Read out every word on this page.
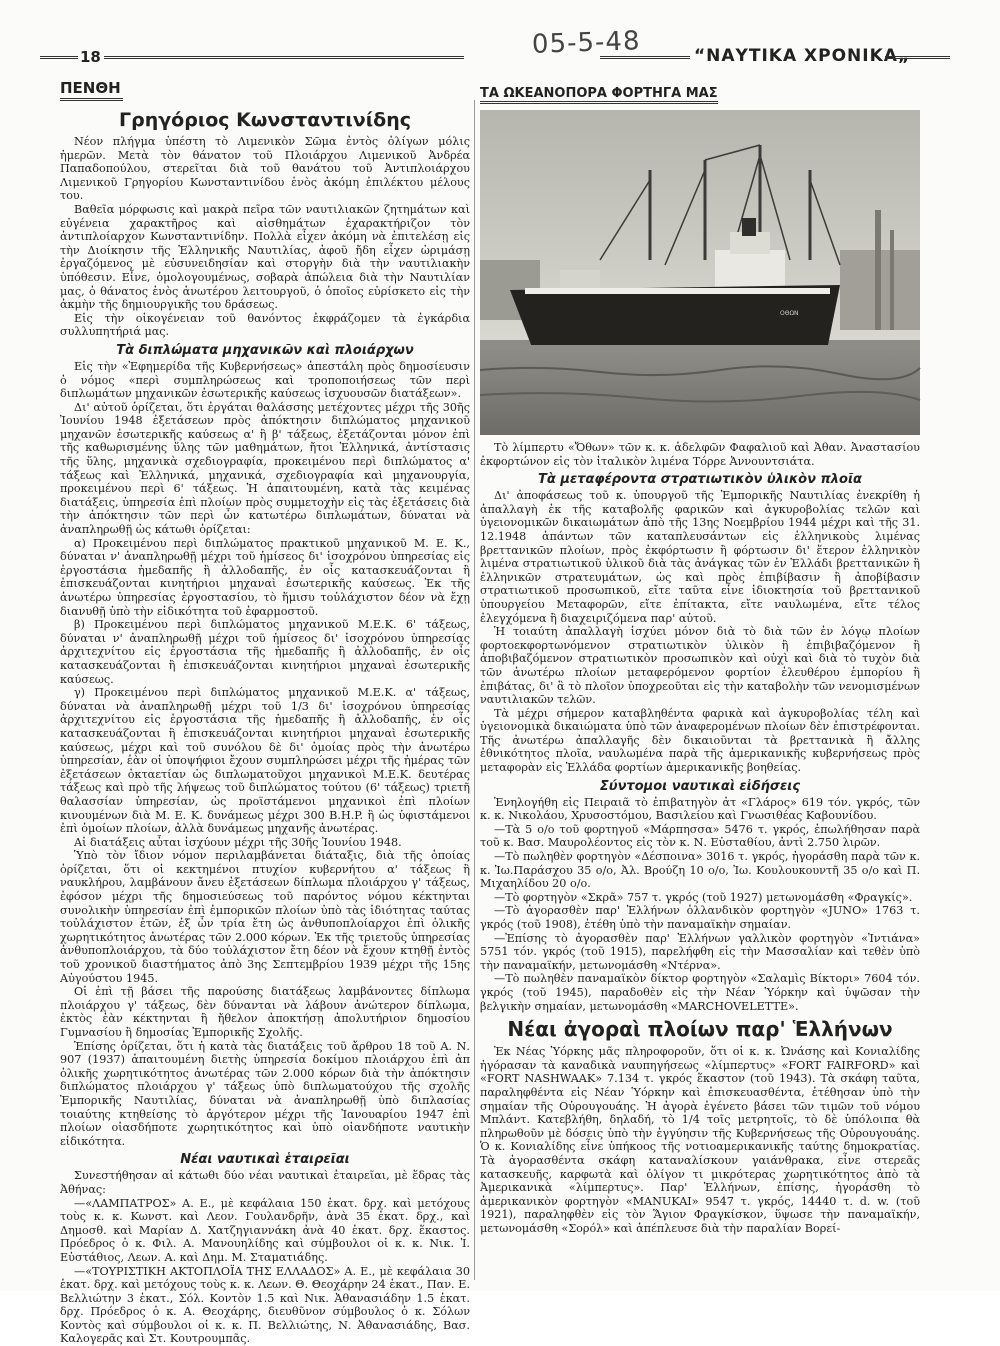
18	05-5-48	“ΝΑΥΤΙΚΑ ΧΡΟΝΙΚΑ„
ΠΕΝΘΗ
Γρηγόριος Κωνσταντινίδης

Νέον πλήγμα ὑπέστη τὸ Λιμενικὸν Σῶμα ἐντὸς ὀλίγων μόλις ἡμερῶν. Μετὰ τὸν θάνατον τοῦ Πλοιάρχου Λιμενικοῦ Ἀνδρέα Παπαδοπούλου, στερεῖται διὰ τοῦ θανάτου τοῦ Ἀντιπλοιάρχου Λιμενικοῦ Γρηγορίου Κωνσταντινίδου ἑνὸς ἀκόμη ἐπιλέκτου μέλους του.

Βαθεῖα μόρφωσις καὶ μακρὰ πεῖρα τῶν ναυτιλιακῶν ζητημάτων καὶ εὐγένεια χαρακτῆρος καὶ αἰσθημάτων ἐχαρακτήριζον τὸν ἀντιπλοίαρχον Κωνσταντινίδην. Πολλὰ εἶχεν ἀκόμη νὰ ἐπιτελέσῃ εἰς τὴν Διοίκησιν τῆς Ἑλληνικῆς Ναυτιλίας, ἀφοῦ ἤδη εἶχεν ὡριμάσῃ ἐργαζόμενος μὲ εὐσυνειδησίαν καὶ στοργὴν διὰ τὴν ναυτιλιακὴν ὑπόθεσιν. Εἶνε, ὁμολογουμένως, σοβαρὰ ἀπώλεια διὰ τὴν Ναυτιλίαν μας, ὁ θάνατος ἑνὸς ἀνωτέρου λειτουργοῦ, ὁ ὁποῖος εὑρίσκετο εἰς τὴν ἀκμὴν τῆς δημιουργικῆς του δράσεως.

Εἰς τὴν οἰκογένειαν τοῦ θανόντος ἐκφράζομεν τὰ ἐγκάρδια συλλυπητήριά μας.

Τὰ διπλώματα μηχανικῶν καὶ πλοιάρχων

Εἰς τὴν «Ἐφημερίδα τῆς Κυβερνήσεως» ἀπεστάλη πρὸς δημοσίευσιν ὁ νόμος «περὶ συμπληρώσεως καὶ τροποποιήσεως τῶν περὶ διπλωμάτων μηχανικῶν ἐσωτερικῆς καύσεως ἰσχυουσῶν διατάξεων».

Δι' αὐτοῦ ὁρίζεται, ὅτι ἐργάται θαλάσσης μετέχοντες μέχρι τῆς 30ῆς Ἰουνίου 1948 ἐξετάσεων πρὸς ἀπόκτησιν διπλώματος μηχανικοῦ μηχανῶν ἐσωτερικῆς καύσεως α' ἢ β' τάξεως, ἐξετάζονται μόνον ἐπὶ τῆς καθωρισμένης ὕλης τῶν μαθημάτων, ἤτοι Ἑλληνικά, ἀντίστασις τῆς ὕλης, μηχανικὰ σχεδιογραφία, προκειμένου περὶ διπλώματος α' τάξεως καὶ Ἑλληνικά, μηχανικά, σχεδιογραφία καὶ μηχανουργία, προκειμένου περὶ 6' τάξεως. Ἡ ἀπαιτουμένη, κατὰ τὰς κειμένας διατάξεις, ὑπηρεσία ἐπὶ πλοίων πρὸς συμμετοχὴν εἰς τὰς ἐξετάσεις διὰ τὴν ἀπόκτησιν τῶν περὶ ὧν κατωτέρω διπλωμάτων, δύναται νὰ ἀναπληρωθῇ ὡς κάτωθι ὁρίζεται:

α) Προκειμένου περὶ διπλώματος πρακτικοῦ μηχανικοῦ Μ. Ε. Κ., δύναται ν' ἀναπληρωθῇ μέχρι τοῦ ἡμίσεος δι' ἰσοχρόνου ὑπηρεσίας εἰς ἐργοστάσια ἡμεδαπῆς ἢ ἀλλοδαπῆς, ἐν οἷς κατασκευάζονται ἢ ἐπισκευάζονται κινητήριοι μηχαναὶ ἐσωτερικῆς καύσεως. Ἐκ τῆς ἀνωτέρω ὑπηρεσίας ἐργοστασίου, τὸ ἥμισυ τοὐλάχιστον δέον νὰ ἔχῃ διανυθῇ ὑπὸ τὴν εἰδικότητα τοῦ ἐφαρμοστοῦ.

β) Προκειμένου περὶ διπλώματος μηχανικοῦ Μ.Ε.Κ. 6' τάξεως, δύναται ν' ἀναπληρωθῇ μέχρι τοῦ ἡμίσεος δι' ἰσοχρόνου ὑπηρεσίας ἀρχιτεχνίτου εἰς ἐργοστάσια τῆς ἡμεδαπῆς ἢ ἀλλοδαπῆς, ἐν οἷς κατασκευάζονται ἢ ἐπισκευάζονται κινητήριοι μηχαναὶ ἐσωτερικῆς καύσεως.

γ) Προκειμένου περὶ διπλώματος μηχανικοῦ Μ.Ε.Κ. α' τάξεως, δύναται νὰ ἀναπληρωθῇ μέχρι τοῦ 1/3 δι' ἰσοχρόνου ὑπηρεσίας ἀρχιτεχνίτου εἰς ἐργοστάσια τῆς ἡμεδαπῆς ἢ ἀλλοδαπῆς, ἐν οἷς κατασκευάζονται ἢ ἐπισκευάζονται κινητήριοι μηχαναὶ ἐσωτερικῆς καύσεως, μέχρι καὶ τοῦ συνόλου δὲ δι' ὁμοίας πρὸς τὴν ἀνωτέρω ὑπηρεσίαν, ἐὰν οἱ ὑποψήφιοι ἔχουν συμπληρώσει μέχρι τῆς ἡμέρας τῶν ἐξετάσεων ὀκταετίαν ὡς διπλωματοῦχοι μηχανικοὶ Μ.Ε.Κ. δευτέρας τάξεως καὶ πρὸ τῆς λήψεως τοῦ διπλώματος τούτου (6' τάξεως) τριετῆ θαλασσίαν ὑπηρεσίαν, ὡς προϊστάμενοι μηχανικοὶ ἐπὶ πλοίων κινουμένων διὰ Μ. Ε. Κ. δυνάμεως μέχρι 300 B.H.P. ἢ ὡς ὑφιστάμενοι ἐπὶ ὁμοίων πλοίων, ἀλλὰ δυνάμεως μηχανῆς ἀνωτέρας.

Αἱ διατάξεις αὗται ἰσχύουν μέχρι τῆς 30ῆς Ἰουνίου 1948.

Ὑπὸ τὸν ἴδιον νόμον περιλαμβάνεται διάταξις, διὰ τῆς ὁποίας ὁρίζεται, ὅτι οἱ κεκτημένοι πτυχίον κυβερνήτου α' τάξεως ἢ ναυκλήρου, λαμβάνουν ἄνευ ἐξετάσεων δίπλωμα πλοιάρχου γ' τάξεως, ἐφόσον μέχρι τῆς δημοσιεύσεως τοῦ παρόντος νόμου κέκτηνται συνολικὴν ὑπηρεσίαν ἐπὶ ἐμπορικῶν πλοίων ὑπὸ τὰς ἰδιότητας ταύτας τοὐλάχιστον ἐτῶν, ἐξ ὧν τρία ἔτη ὡς ἀνθυποπλοίαρχοι ἐπὶ ὁλικῆς χωρητικότητος ἀνωτέρας τῶν 2.000 κόρων. Ἐκ τῆς τριετοῦς ὑπηρεσίας ἀνθυποπλοιάρχου, τὰ δύο τοὐλάχιστον ἔτη δέον νὰ ἔχουν κτηθῇ ἐντὸς τοῦ χρονικοῦ διαστήματος ἀπὸ 3ης Σεπτεμβρίου 1939 μέχρι τῆς 15ης Αὐγούστου 1945.

Οἱ ἐπὶ τῇ βάσει τῆς παρούσης διατάξεως λαμβάνοντες δίπλωμα πλοιάρχου γ' τάξεως, δὲν δύνανται νὰ λάβουν ἀνώτερον δίπλωμα, ἐκτὸς ἐὰν κέκτηνται ἢ ἤθελον ἀποκτήσῃ ἀπολυτήριον δημοσίου Γυμνασίου ἢ δημοσίας Ἐμπορικῆς Σχολῆς.

Ἐπίσης ὁρίζεται, ὅτι ἡ κατὰ τὰς διατάξεις τοῦ ἄρθρου 18 τοῦ Α. Ν. 907 (1937) ἀπαιτουμένη διετὴς ὑπηρεσία δοκίμου πλοιάρχου ἐπὶ ἀπ ὁλικῆς χωρητικότητος ἀνωτέρας τῶν 2.000 κόρων διὰ τὴν ἀπόκτησιν διπλώματος πλοιάρχου γ' τάξεως ὑπὸ διπλωματούχου τῆς σχολῆς Ἐμπορικῆς Ναυτιλίας, δύναται νὰ ἀναπληρωθῇ ὑπὸ διπλασίας τοιαύτης κτηθείσης τὸ ἀργότερον μέχρι τῆς Ἰανουαρίου 1947 ἐπὶ πλοίων οἱασδήποτε χωρητικότητος καὶ ὑπὸ οἱανδήποτε ναυτικὴν εἰδικότητα.

Νέαι ναυτικαὶ ἑταιρεῖαι

Συνεστήθησαν αἱ κάτωθι δύο νέαι ναυτικαὶ ἑταιρεῖαι, μὲ ἕδρας τὰς Ἀθήνας:

—«ΛΑΜΠΑΤΡΟΣ» Α. Ε., μὲ κεφάλαια 150 ἑκατ. δρχ. καὶ μετόχους τοὺς κ. κ. Κωνστ. καὶ Λεον. Γουλανδρῆν, ἀνὰ 35 ἑκατ. δρχ., καὶ Δημοσθ. καὶ Μαρίαν Δ. Χατζηγιαννάκη ἀνὰ 40 ἑκατ. δρχ. ἕκαστος. Πρόεδρος ὁ κ. Φιλ. Α. Μανουηλίδης καὶ σύμβουλοι οἱ κ. κ. Νικ. Ἰ. Εὐστάθιος, Λεων. Α. καὶ Δημ. Μ. Σταματιάδης.

—«ΤΟΥΡΙΣΤΙΚΗ ΑΚΤΟΠΛΟΪΑ ΤΗΣ ΕΛΛΑΔΟΣ» Α. Ε., μὲ κεφάλαια 30 ἑκατ. δρχ. καὶ μετόχους τοὺς κ. κ. Λεων. Θ. Θεοχάρην 24 ἑκατ., Παν. Ε. Βελλιώτην 3 ἑκατ., Σόλ. Κοντὸν 1.5 καὶ Νικ. Ἀθανασιάδην 1.5 ἑκατ. δρχ. Πρόεδρος ὁ κ. Α. Θεοχάρης, διευθῦνον σύμβουλος ὁ κ. Σόλων Κοντὸς καὶ σύμβουλοι οἱ κ. κ. Π. Βελλιώτης, Ν. Ἀθανασιάδης, Βασ. Καλογερᾶς καὶ Στ. Κουτρουμπᾶς.

ΤΑ ΩΚΕΑΝΟΠΟΡΑ ΦΟΡΤΗΓΑ ΜΑΣ
ΟΘΩΝ

Τὸ λίμπερτυ «Ὄθων» τῶν κ. κ. ἀδελφῶν Φαφαλιοῦ καὶ Ἀθαν. Ἀναστασίου ἐκφορτώνον εἰς τὸν ἰταλικὸν λιμένα Τόρρε Ἀννουντσιάτα.

Τὰ μεταφέροντα στρατιωτικὸν ὑλικὸν πλοῖα

Δι' ἀποφάσεως τοῦ κ. ὑπουργοῦ τῆς Ἐμπορικῆς Ναυτιλίας ἐνεκρίθη ἡ ἀπαλλαγὴ ἐκ τῆς καταβολῆς φαρικῶν καὶ ἀγκυροβολίας τελῶν καὶ ὑγειονομικῶν δικαιωμάτων ἀπὸ τῆς 13ης Νοεμβρίου 1944 μέχρι καὶ τῆς 31. 12.1948 ἁπάντων τῶν καταπλευσάντων εἰς ἑλληνικοὺς λιμένας βρεττανικῶν πλοίων, πρὸς ἐκφόρτωσιν ἢ φόρτωσιν δι' ἕτερον ἑλληνικὸν λιμένα στρατιωτικοῦ ὑλικοῦ διὰ τὰς ἀνάγκας τῶν ἐν Ἑλλάδι βρεττανικῶν ἢ ἑλληνικῶν στρατευμάτων, ὡς καὶ πρὸς ἐπιβίβασιν ἢ ἀποβίβασιν στρατιωτικοῦ προσωπικοῦ, εἴτε ταῦτα εἶνε ἰδιοκτησία τοῦ βρεττανικοῦ ὑπουργείου Μεταφορῶν, εἴτε ἐπίτακτα, εἴτε ναυλωμένα, εἴτε τέλος ἐλεγχόμενα ἢ διαχειριζόμενα παρ' αὐτοῦ.

Ἡ τοιαύτη ἀπαλλαγὴ ἰσχύει μόνον διὰ τὸ διὰ τῶν ἐν λόγῳ πλοίων φορτοεκφορτωνόμενον στρατιωτικὸν ὑλικὸν ἢ ἐπιβιβαζόμενον ἢ ἀποβιβαζόμενον στρατιωτικὸν προσωπικὸν καὶ οὐχὶ καὶ διὰ τὸ τυχὸν διὰ τῶν ἀνωτέρω πλοίων μεταφερόμενον φορτίον ἐλευθέρου ἐμπορίου ἢ ἐπιβάτας, δι' ἃ τὸ πλοῖον ὑποχρεοῦται εἰς τὴν καταβολὴν τῶν νενομισμένων ναυτιλιακῶν τελῶν.

Τὰ μέχρι σήμερον καταβληθέντα φαρικὰ καὶ ἀγκυροβολίας τέλη καὶ ὑγειονομικὰ δικαιώματα ὑπὸ τῶν ἀναφερομένων πλοίων δὲν ἐπιστρέφονται. Τῆς ἀνωτέρω ἀπαλλαγῆς δὲν δικαιοῦνται τὰ βρεττανικὰ ἢ ἄλλης ἐθνικότητος πλοῖα, ναυλωμένα παρὰ τῆς ἀμερικανικῆς κυβερνήσεως πρὸς μεταφορὰν εἰς Ἑλλάδα φορτίων ἀμερικανικῆς βοηθείας.

Σύντομοι ναυτικαὶ εἰδήσεις

Ἐνηλογήθη εἰς Πειραιᾶ τὸ ἐπιβατηγὸν ἀτ «Γλάρος» 619 τόν. γκρός, τῶν κ. κ. Νικολάου, Χρυσοστόμου, Βασιλείου καὶ Γνωσιθέας Καβουνίδου.

—Τὰ 5 ο/ο τοῦ φορτηγοῦ «Μάρπησσα» 5476 τ. γκρός, ἐπωλήθησαν παρὰ τοῦ κ. Βασ. Μαυρολέοντος εἰς τὸν κ. Ν. Εὐσταθίου, ἀντὶ 2.750 λιρῶν.

—Τὸ πωληθὲν φορτηγὸν «Δέσποινα» 3016 τ. γκρός, ἠγοράσθη παρὰ τῶν κ. κ. Ἰω.Παράσχου 35 ο/ο, Ἀλ. Βρούζη 10 ο/ο, Ἰω. Κουλουκουντῆ 35 ο/ο καὶ Π. Μιχαηλίδου 20 ο/ο.

—Τὸ φορτηγὸν «Σκρᾶ» 757 τ. γκρός (τοῦ 1927) μετωνομάσθη «Φραγκίς».

—Τὸ ἀγορασθὲν παρ' Ἑλλήνων ὁλλανδικὸν φορτηγὸν «JUNO» 1763 τ. γκρός (τοῦ 1908), ἐτέθη ὑπὸ τὴν παναμαϊκὴν σημαίαν.

—Ἐπίσης τὸ ἀγορασθὲν παρ' Ἑλλήνων γαλλικὸν φορτηγὸν «Ἰντιάνα» 5751 τόν. γκρός (τοῦ 1915), παρελήφθη εἰς τὴν Μασσαλίαν καὶ τεθὲν ὑπὸ τὴν παναμαϊκήν, μετωνομάσθη «Ντέρνα».

—Τὸ πωληθὲν παναμαϊκὸν δίκτορ φορτηγὸν «Σαλαμὶς Βίκτορι» 7604 τόν. γκρός (τοῦ 1945), παραδοθὲν εἰς τὴν Νέαν Ὑόρκην καὶ ὑψῶσαν τὴν βελγικὴν σημαίαν, μετωνομάσθη «MARCHOVELETTE».

Νέαι ἀγοραὶ πλοίων παρ' Ἑλλήνων

Ἐκ Νέας Ὑόρκης μᾶς πληροφοροῦν, ὅτι οἱ κ. κ. Ὠνάσης καὶ Κονιαλίδης ἠγόρασαν τὰ καναδικὰ ναυπηγήσεως «λίμπερτυς» «FORT FAIRFORD» καὶ «FORT NASHWAAK» 7.134 τ. γκρός ἕκαστον (τοῦ 1943). Τὰ σκάφη ταῦτα, παραληφθέντα εἰς Νέαν Ὑόρκην καὶ ἐπισκευασθέντα, ἐτέθησαν ὑπὸ τὴν σημαίαν τῆς Οὐρουγουάης. Ἡ ἀγορὰ ἐγένετο βάσει τῶν τιμῶν τοῦ νόμου Μπλάντ. Κατεβλήθη, δηλαδή, τὸ 1/4 τοῖς μετρητοῖς, τὸ δὲ ὑπόλοιπα θὰ πληρωθοῦν μὲ δόσεις ὑπὸ τὴν ἐγγύησιν τῆς Κυβερνήσεως τῆς Οὐρουγουάης. Ὁ κ. Κονιαλίδης εἶνε ὑπήκοος τῆς νοτιοαμερικανικῆς ταύτης δημοκρατίας. Τὰ ἀγορασθέντα σκάφη καταναλίσκουν γαιάνθρακα, εἶνε στερεᾶς κατασκευῆς, καρφωτὰ καὶ ὀλίγον τι μικρότερας χωρητικότητος ἀπὸ τὰ Ἀμερικανικὰ «λίμπερτυς». Παρ' Ἑλλήνων, ἐπίσης, ἠγοράσθη τὸ ἀμερικανικὸν φορτηγὸν «MANUKAI» 9547 τ. γκρός, 14440 τ. d. w. (τοῦ 1921), παραληφθὲν εἰς τὸν Ἅγιον Φραγκίσκον, ὕψωσε τὴν παναμαϊκήν, μετωνομάσθη «Σορόλ» καὶ ἀπέπλευσε διὰ τὴν παραλίαν Βορεί-
